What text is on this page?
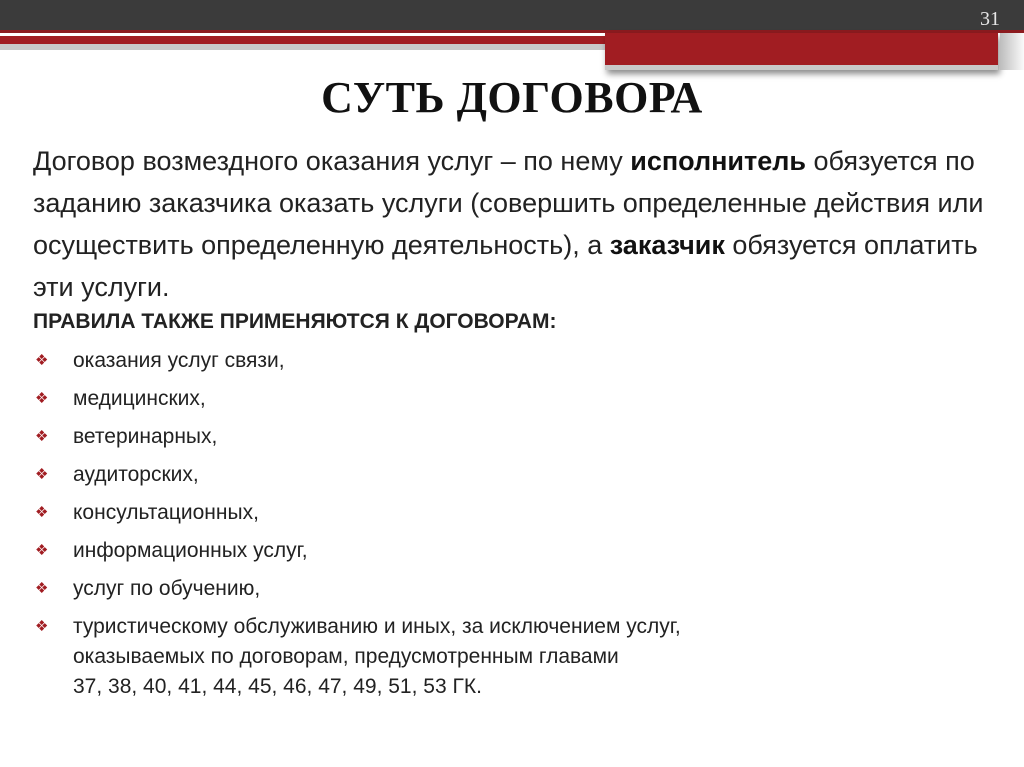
31
СУТЬ ДОГОВОРА
Договор возмездного оказания услуг – по нему исполнитель обязуется по заданию заказчика оказать услуги (совершить определенные действия или осуществить определенную деятельность), а заказчик обязуется оплатить эти услуги.
ПРАВИЛА ТАКЖЕ ПРИМЕНЯЮТСЯ К ДОГОВОРАМ:
❖	оказания услуг связи,
❖	медицинских,
❖	ветеринарных,
❖	аудиторских,
❖	консультационных,
❖	информационных услуг,
❖	услуг по обучению,
❖	туристическому обслуживанию и иных, за исключением услуг,
оказываемых по договорам, предусмотренным главами
37, 38, 40, 41, 44, 45, 46, 47, 49, 51, 53 ГК.
